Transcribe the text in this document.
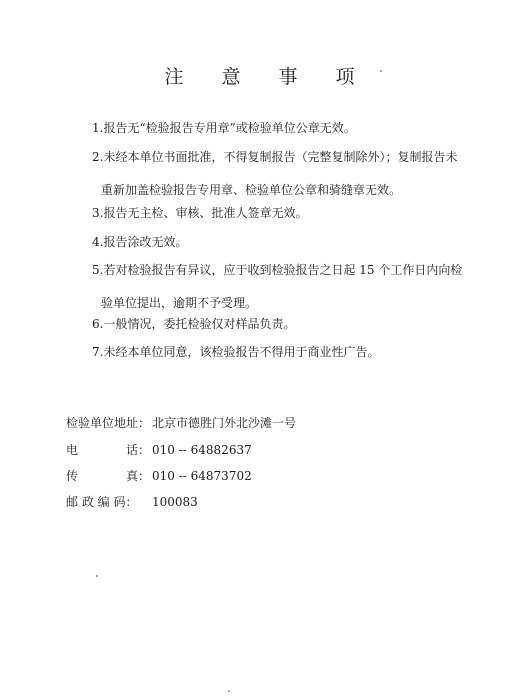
注 意 事 项
1.报告无“检验报告专用章”或检验单位公章无效。
2.未经本单位书面批准，不得复制报告（完整复制除外）；复制报告未
重新加盖检验报告专用章、检验单位公章和骑缝章无效。
3.报告无主检、审核、批准人签章无效。
4.报告涂改无效。
5.若对检验报告有异议，应于收到检验报告之日起 15 个工作日内向检
验单位提出，逾期不予受理。
6.一般情况，委托检验仅对样品负责。
7.未经本单位同意，该检验报告不得用于商业性广告。
检验单位地址： 北京市德胜门外北沙滩一号
电　　　　话： 010 -- 64882637
传　　　　真： 010 -- 64873702
邮 政 编 码： 100083
